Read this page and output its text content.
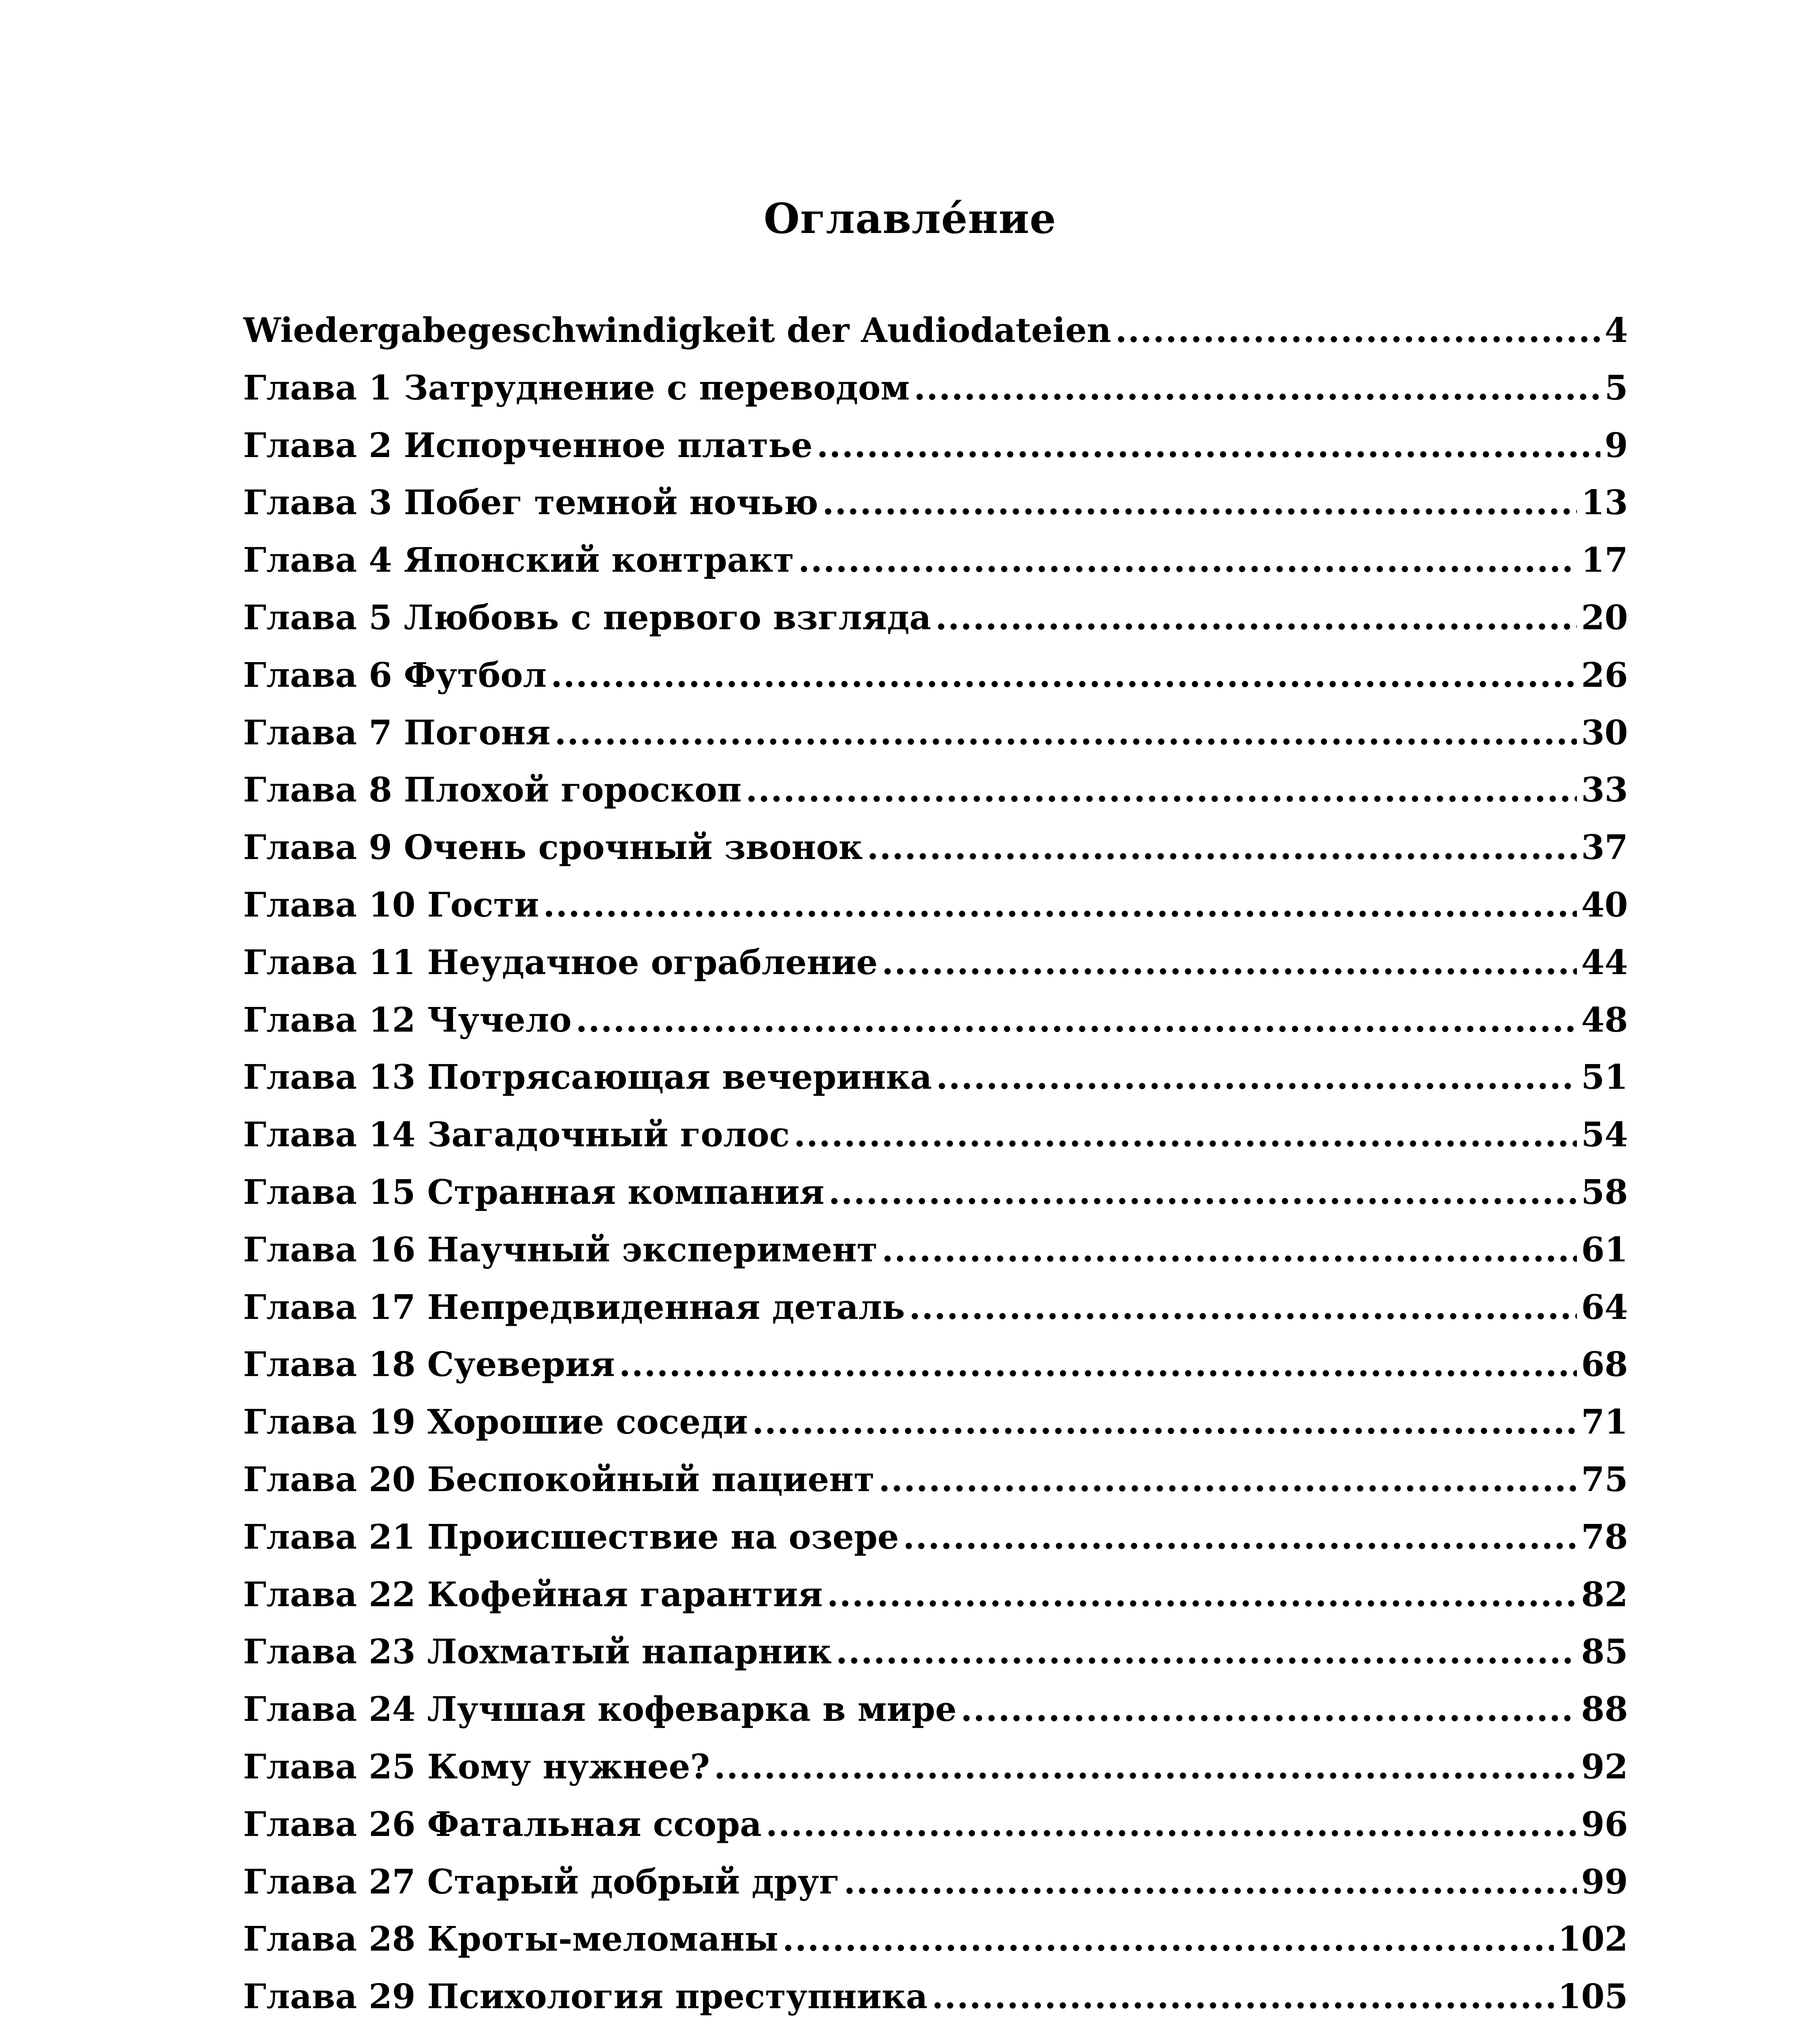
Оглавле́ние
Wiedergabegeschwindigkeit der Audiodateien .....	4
Глава 1 Затруднение с переводом .....	5
Глава 2 Испорченное платье .....	9
Глава 3 Побег темной ночью .....	13
Глава 4 Японский контракт .....	17
Глава 5 Любовь с первого взгляда .....	20
Глава 6 Футбол .....	26
Глава 7 Погоня .....	30
Глава 8 Плохой гороскоп .....	33
Глава 9 Очень срочный звонок .....	37
Глава 10 Гости .....	40
Глава 11 Неудачное ограбление .....	44
Глава 12 Чучело .....	48
Глава 13 Потрясающая вечеринка .....	51
Глава 14 Загадочный голос .....	54
Глава 15 Странная компания .....	58
Глава 16 Научный эксперимент .....	61
Глава 17 Непредвиденная деталь .....	64
Глава 18 Суеверия .....	68
Глава 19 Хорошие соседи .....	71
Глава 20 Беспокойный пациент .....	75
Глава 21 Происшествие на озере .....	78
Глава 22 Кофейная гарантия .....	82
Глава 23 Лохматый напарник .....	85
Глава 24 Лучшая кофеварка в мире .....	88
Глава 25 Кому нужнее? .....	92
Глава 26 Фатальная ссора .....	96
Глава 27 Старый добрый друг .....	99
Глава 28 Кроты-меломаны .....	102
Глава 29 Психология преступника .....	105
.....
